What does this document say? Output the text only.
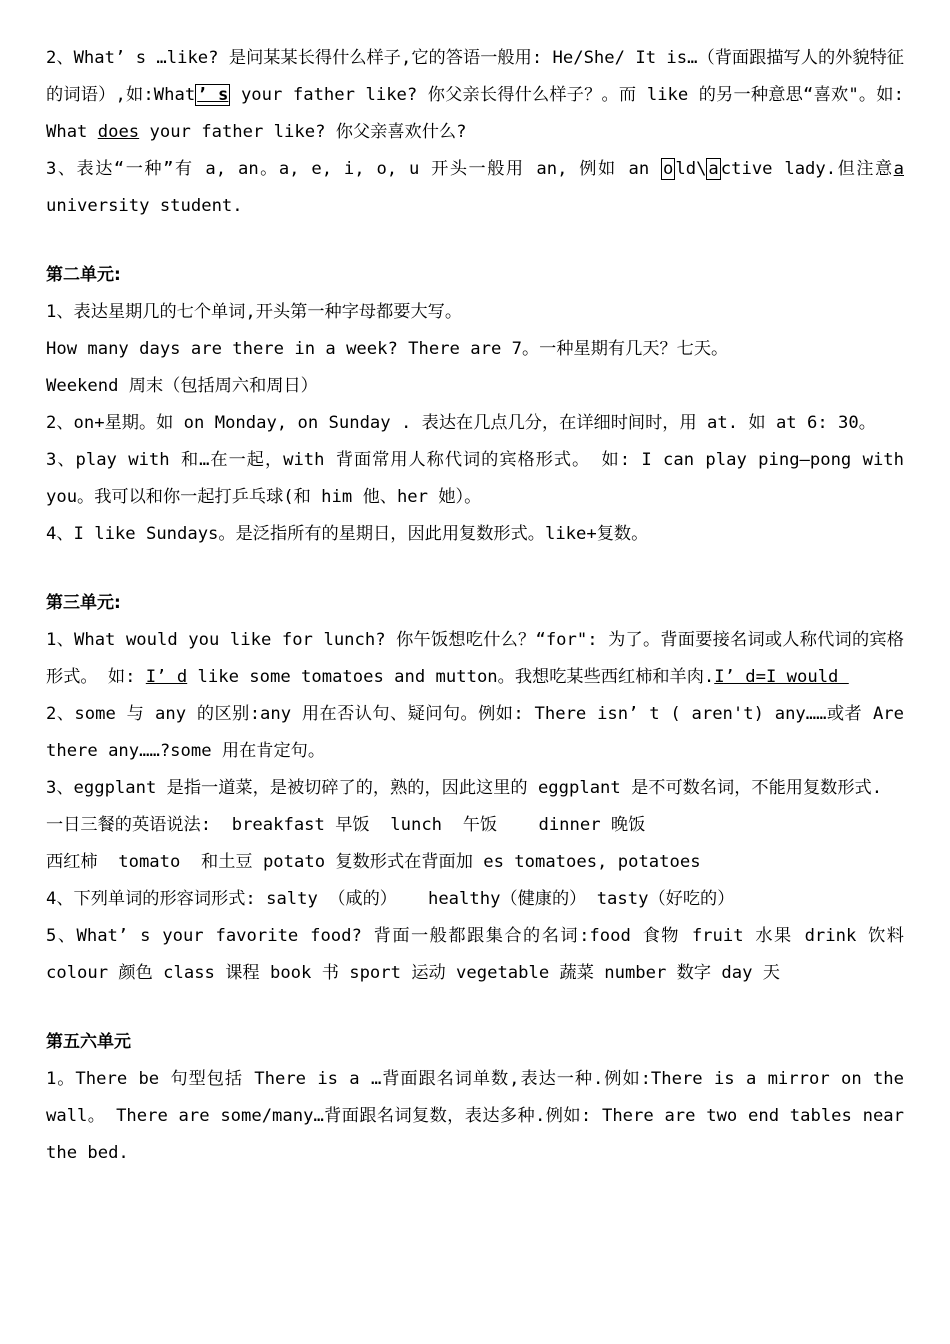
2、What’ s …like? 是问某某长得什么样子,它的答语一般用: He/She/ It is…（背面跟描写人的外貌特征的词语）,如:What ’ s your father like? 你父亲长得什么样子？。而 like 的另一种意思“喜欢"。如: What does your father like? 你父亲喜欢什么?

3、表达“一种”有 a, an。a, e, i, o, u 开头一般用 an, 例如 an o ld\ a ctive lady.但注意a university student.

第二单元:

1、表达星期几的七个单词,开头第一种字母都要大写。

How many days are there in a week? There are 7。一种星期有几天？七天。

Weekend 周末（包括周六和周日）

2、on+星期。如 on Monday, on Sunday . 表达在几点几分，在详细时间时，用 at. 如 at 6: 30。

3、play with 和…在一起，with 背面常用人称代词的宾格形式。 如: I can play ping—pong with you。我可以和你一起打乒乓球(和 him 他、her 她）。

4、I like Sundays。是泛指所有的星期日，因此用复数形式。like+复数。

第三单元:

1、What would you like for lunch? 你午饭想吃什么？“for": 为了。背面要接名词或人称代词的宾格形式。 如: I’ d like some tomatoes and mutton。我想吃某些西红柿和羊肉.I’ d=I would

2、some 与 any 的区别:any 用在否认句、疑问句。例如: There isn’ t ( aren't) any……或者 Are there any……?some 用在肯定句。

3、eggplant 是指一道菜，是被切碎了的，熟的，因此这里的 eggplant 是不可数名词，不能用复数形式.

一日三餐的英语说法:  breakfast 早饭  lunch  午饭    dinner 晚饭

西红柿  tomato  和土豆 potato 复数形式在背面加 es tomatoes, potatoes

4、下列单词的形容词形式: salty （咸的）   healthy（健康的） tasty（好吃的）

5、What’ s your favorite food? 背面一般都跟集合的名词:food 食物 fruit 水果 drink 饮料 colour 颜色 class 课程 book 书 sport 运动 vegetable 蔬菜 number 数字 day 天

第五六单元

1。There be 句型包括 There is a …背面跟名词单数,表达一种.例如:There is a mirror on the wall。 There are some/many…背面跟名词复数，表达多种.例如: There are two end tables near the bed.
